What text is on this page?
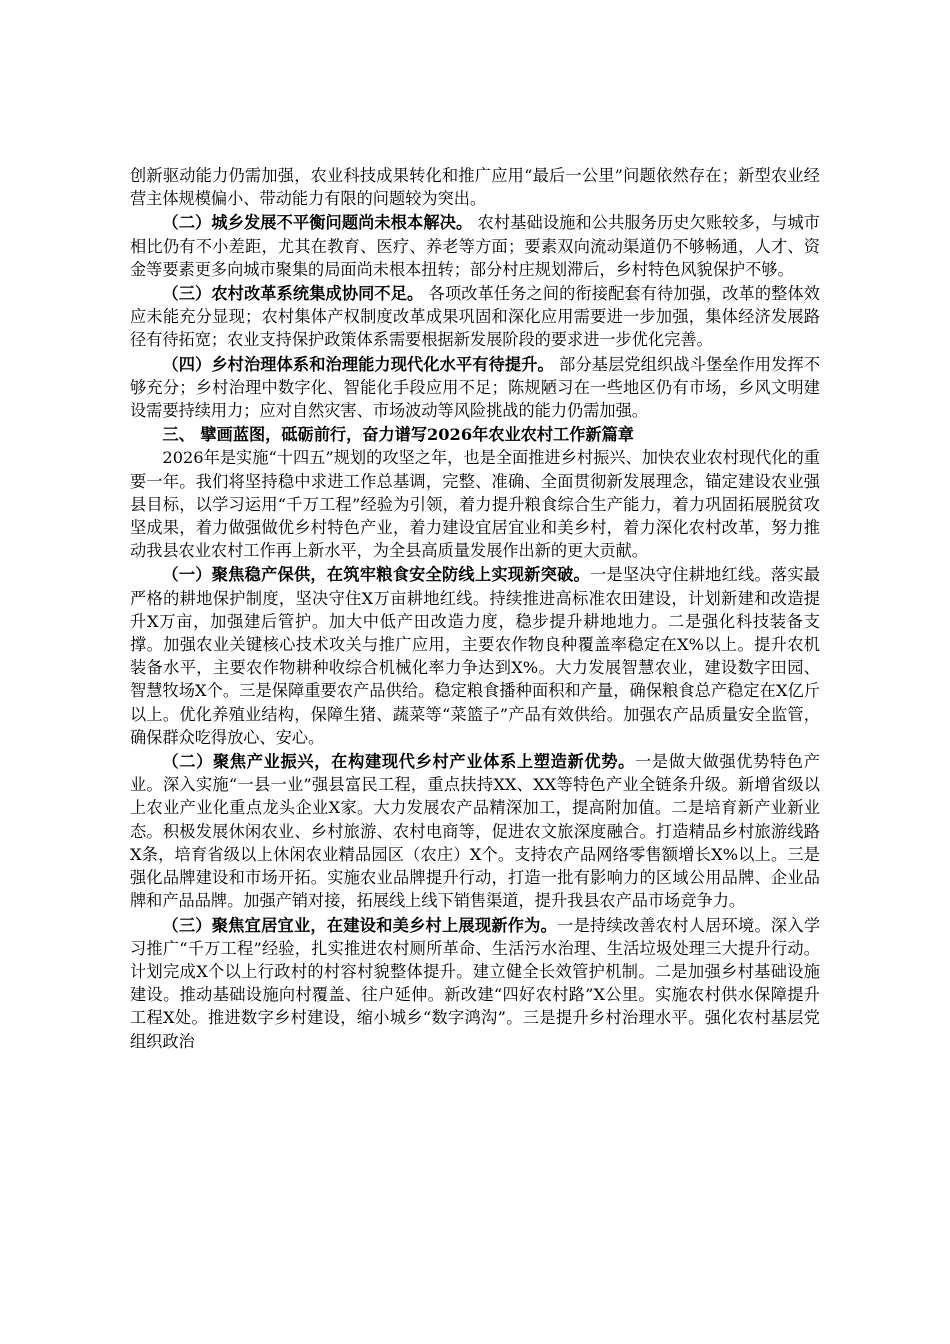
创新驱动能力仍需加强，农业科技成果转化和推广应用“最后一公里”问题依然存在；新型农业经营主体规模偏小、带动能力有限的问题较为突出。

（二）城乡发展不平衡问题尚未根本解决。 农村基础设施和公共服务历史欠账较多，与城市相比仍有不小差距，尤其在教育、医疗、养老等方面；要素双向流动渠道仍不够畅通，人才、资金等要素更多向城市聚集的局面尚未根本扭转；部分村庄规划滞后，乡村特色风貌保护不够。

（三）农村改革系统集成协同不足。 各项改革任务之间的衔接配套有待加强，改革的整体效应未能充分显现；农村集体产权制度改革成果巩固和深化应用需要进一步加强，集体经济发展路径有待拓宽；农业支持保护政策体系需要根据新发展阶段的要求进一步优化完善。

（四）乡村治理体系和治理能力现代化水平有待提升。 部分基层党组织战斗堡垒作用发挥不够充分；乡村治理中数字化、智能化手段应用不足；陈规陋习在一些地区仍有市场，乡风文明建设需要持续用力；应对自然灾害、市场波动等风险挑战的能力仍需加强。

三、 擘画蓝图，砥砺前行，奋力谱写2026年农业农村工作新篇章

2026年是实施“十四五”规划的攻坚之年，也是全面推进乡村振兴、加快农业农村现代化的重要一年。我们将坚持稳中求进工作总基调，完整、准确、全面贯彻新发展理念，锚定建设农业强县目标，以学习运用“千万工程”经验为引领，着力提升粮食综合生产能力，着力巩固拓展脱贫攻坚成果，着力做强做优乡村特色产业，着力建设宜居宜业和美乡村，着力深化农村改革，努力推动我县农业农村工作再上新水平，为全县高质量发展作出新的更大贡献。

（一）聚焦稳产保供，在筑牢粮食安全防线上实现新突破。一是坚决守住耕地红线。落实最严格的耕地保护制度，坚决守住X万亩耕地红线。持续推进高标准农田建设，计划新建和改造提升X万亩，加强建后管护。加大中低产田改造力度，稳步提升耕地地力。二是强化科技装备支撑。加强农业关键核心技术攻关与推广应用，主要农作物良种覆盖率稳定在X%以上。提升农机装备水平，主要农作物耕种收综合机械化率力争达到X%。大力发展智慧农业，建设数字田园、智慧牧场X个。三是保障重要农产品供给。稳定粮食播种面积和产量，确保粮食总产稳定在X亿斤以上。优化养殖业结构，保障生猪、蔬菜等“菜篮子”产品有效供给。加强农产品质量安全监管，确保群众吃得放心、安心。

（二）聚焦产业振兴，在构建现代乡村产业体系上塑造新优势。一是做大做强优势特色产业。深入实施“一县一业”强县富民工程，重点扶持XX、XX等特色产业全链条升级。新增省级以上农业产业化重点龙头企业X家。大力发展农产品精深加工，提高附加值。二是培育新产业新业态。积极发展休闲农业、乡村旅游、农村电商等，促进农文旅深度融合。打造精品乡村旅游线路X条，培育省级以上休闲农业精品园区（农庄）X个。支持农产品网络零售额增长X%以上。三是强化品牌建设和市场开拓。实施农业品牌提升行动，打造一批有影响力的区域公用品牌、企业品牌和产品品牌。加强产销对接，拓展线上线下销售渠道，提升我县农产品市场竞争力。

（三）聚焦宜居宜业，在建设和美乡村上展现新作为。一是持续改善农村人居环境。深入学习推广“千万工程”经验，扎实推进农村厕所革命、生活污水治理、生活垃圾处理三大提升行动。计划完成X个以上行政村的村容村貌整体提升。建立健全长效管护机制。二是加强乡村基础设施建设。推动基础设施向村覆盖、往户延伸。新改建“四好农村路”X公里。实施农村供水保障提升工程X处。推进数字乡村建设，缩小城乡“数字鸿沟”。三是提升乡村治理水平。强化农村基层党组织政治
